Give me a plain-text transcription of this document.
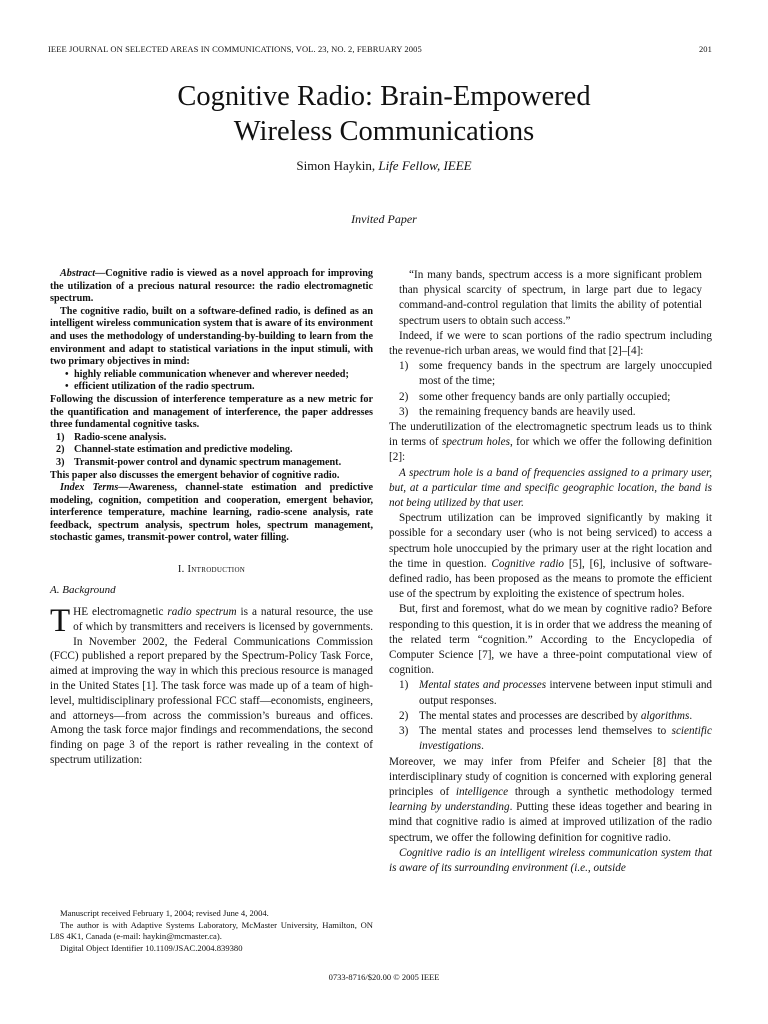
IEEE JOURNAL ON SELECTED AREAS IN COMMUNICATIONS, VOL. 23, NO. 2, FEBRUARY 2005	201
Cognitive Radio: Brain-Empowered
Wireless Communications
Simon Haykin, Life Fellow, IEEE
Invited Paper

Abstract—Cognitive radio is viewed as a novel approach for improving the utilization of a precious natural resource: the radio electromagnetic spectrum.

The cognitive radio, built on a software-defined radio, is defined as an intelligent wireless communication system that is aware of its environment and uses the methodology of understanding-by-building to learn from the environment and adapt to statistical variations in the input stimuli, with two primary objectives in mind:

• highly reliable communication whenever and wherever needed;
• efficient utilization of the radio spectrum.

Following the discussion of interference temperature as a new metric for the quantification and management of interference, the paper addresses three fundamental cognitive tasks.

1) Radio-scene analysis.
2) Channel-state estimation and predictive modeling.
3) Transmit-power control and dynamic spectrum management.

This paper also discusses the emergent behavior of cognitive radio.

Index Terms—Awareness, channel-state estimation and predictive modeling, cognition, competition and cooperation, emergent behavior, interference temperature, machine learning, radio-scene analysis, rate feedback, spectrum analysis, spectrum holes, spectrum management, stochastic games, transmit-power control, water filling.

I. Introduction
A. Background
THE electromagnetic radio spectrum is a natural resource, the use of which by transmitters and receivers is licensed by governments. In November 2002, the Federal Communications Commission (FCC) published a report prepared by the Spectrum-Policy Task Force, aimed at improving the way in which this precious resource is managed in the United States [1]. The task force was made up of a team of high-level, multidisciplinary professional FCC staff—economists, engineers, and attorneys—from across the commission’s bureaus and offices. Among the task force major findings and recommendations, the second finding on page 3 of the report is rather revealing in the context of spectrum utilization:

Manuscript received February 1, 2004; revised June 4, 2004.

The author is with Adaptive Systems Laboratory, McMaster University, Hamilton, ON L8S 4K1, Canada (e-mail: haykin@mcmaster.ca).

Digital Object Identifier 10.1109/JSAC.2004.839380

“In many bands, spectrum access is a more significant problem than physical scarcity of spectrum, in large part due to legacy command-and-control regulation that limits the ability of potential spectrum users to obtain such access.”

Indeed, if we were to scan portions of the radio spectrum including the revenue-rich urban areas, we would find that [2]–[4]:

1) some frequency bands in the spectrum are largely unoccupied most of the time;
2) some other frequency bands are only partially occupied;
3) the remaining frequency bands are heavily used.

The underutilization of the electromagnetic spectrum leads us to think in terms of spectrum holes, for which we offer the following definition [2]:

A spectrum hole is a band of frequencies assigned to a primary user, but, at a particular time and specific geographic location, the band is not being utilized by that user.

Spectrum utilization can be improved significantly by making it possible for a secondary user (who is not being serviced) to access a spectrum hole unoccupied by the primary user at the right location and the time in question. Cognitive radio [5], [6], inclusive of software-defined radio, has been proposed as the means to promote the efficient use of the spectrum by exploiting the existence of spectrum holes.

But, first and foremost, what do we mean by cognitive radio? Before responding to this question, it is in order that we address the meaning of the related term “cognition.” According to the Encyclopedia of Computer Science [7], we have a three-point computational view of cognition.

1) Mental states and processes intervene between input stimuli and output responses.
2) The mental states and processes are described by algorithms.
3) The mental states and processes lend themselves to scientific investigations.

Moreover, we may infer from Pfeifer and Scheier [8] that the interdisciplinary study of cognition is concerned with exploring general principles of intelligence through a synthetic methodology termed learning by understanding. Putting these ideas together and bearing in mind that cognitive radio is aimed at improved utilization of the radio spectrum, we offer the following definition for cognitive radio.

Cognitive radio is an intelligent wireless communication system that is aware of its surrounding environment (i.e., outside

0733-8716/$20.00 © 2005 IEEE
